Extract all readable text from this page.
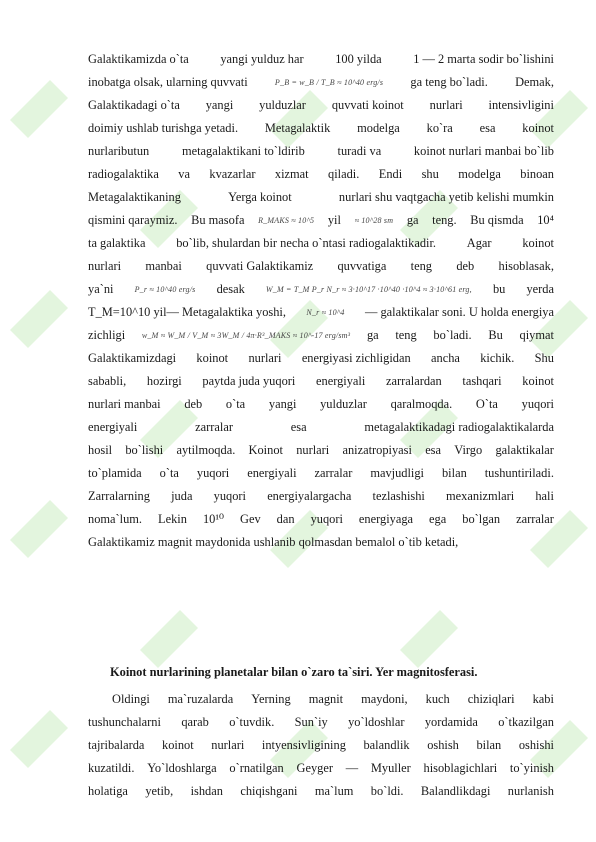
Galaktikamizda o`ta	yangi yulduz har	100 yilda	1 — 2 marta sodir bo`lishini
inobatga olsak, ularning quvvati	P_B = w_B / T_B ≈ 10^40 erg/s ga teng bo`ladi. Demak,
Galaktikadagi o`ta yangi yulduzlar quvvati koinot nurlari intensivligini
doimiy ushlab turishga yetadi. Metagalaktik modelga ko`ra esa koinot
nurlaributun	metagalaktikani to`ldirib	turadi va	koinot nurlari manbai bo`lib
radiogalaktika va kvazarlar xizmat qiladi. Endi shu modelga binoan
Metagalaktikaning	Yerga koinot	nurlari shu vaqtgacha yetib kelishi mumkin
qismini qaraymiz. Bu masofa R_MAKS ≈ 10^5 yil ≈ 10^28 sm ga teng. Bu qismda 10⁴
ta galaktika bo`lib, shulardan bir necha o`ntasi radiogalaktikadir. Agar koinot
nurlari manbai quvvati Galaktikamiz quvvatiga teng deb hisoblasak,
ya`ni	P_r ≈ 10^40 erg/s desak	W_M = T_M P_r N_r ≈ 3·10^17 ·10^40 ·10^4 ≈ 3·10^61 erg, bu yerda
T_M=10^10 yil— Metagalaktika yoshi,	N_r ≈ 10^4 — galaktikalar soni. U holda energiya
zichligi w_M ≈ W_M / V_M ≈ 3W_M / 4π·R³_MAKS ≈ 10^-17 erg/sm³ ga teng bo`ladi. Bu qiymat
Galaktikamizdagi koinot nurlari energiyasi zichligidan ancha kichik. Shu
sababli, hozirgi paytda juda yuqori energiyali zarralardan tashqari koinot
nurlari manbai deb o`ta yangi yulduzlar qaralmoqda. O`ta yuqori
energiyali	zarralar	esa	metagalaktikadagi radiogalaktikalarda
hosil bo`lishi aytilmoqda. Koinot nurlari anizatropiyasi esa Virgo galaktikalar
to`plamida o`ta yuqori energiyali zarralar mavjudligi bilan tushuntiriladi.
Zarralarning juda yuqori energiyalargacha tezlashishi mexanizmlari hali
noma`lum. Lekin 10¹⁰ Gev dan yuqori energiyaga ega bo`lgan zarralar
Galaktikamiz magnit maydonida ushlanib qolmasdan bemalol o`tib ketadi,
Koinot nurlarining planetalar bilan o`zaro ta`siri. Yer magnitosferasi.
Oldingi ma`ruzalarda Yerning magnit maydoni, kuch chiziqlari kabi
tushunchalarni qarab o`tuvdik. Sun`iy yo`ldoshlar yordamida o`tkazilgan
tajribalarda koinot nurlari intyensivligining balandlik oshish bilan oshishi
kuzatildi. Yo`ldoshlarga o`rnatilgan Geyger — Myuller hisoblagichlari to`yinish
holatiga yetib, ishdan chiqishgani ma`lum bo`ldi. Balandlikdagi nurlanish
